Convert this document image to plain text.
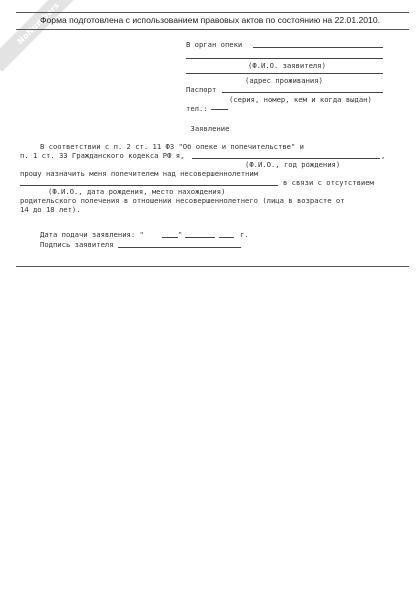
NoNumbers
Форма подготовлена с использованием правовых актов по состоянию на 22.01.2010.
В орган опеки
(Ф.И.О. заявителя)
(адрес проживания)
Паспорт
(серия, номер, кем и когда выдан)
тел.:
Заявление
В соответствии с п. 2 ст. 11 ФЗ "Об опеке и попечительстве" и
п. 1 ст. 33 Гражданского кодекса РФ я,	,
(Ф.И.О., год рождения)
прошу назначить меня попечителем над несовершеннолетним
в связи с отсутствием
(Ф.И.О., дата рождения, место нахождения)
родительского попечения в отношении несовершеннолетнего (лица в возрасте от
14 до 18 лет).
Дата подачи заявления: "	"	г.
Подпись заявителя
